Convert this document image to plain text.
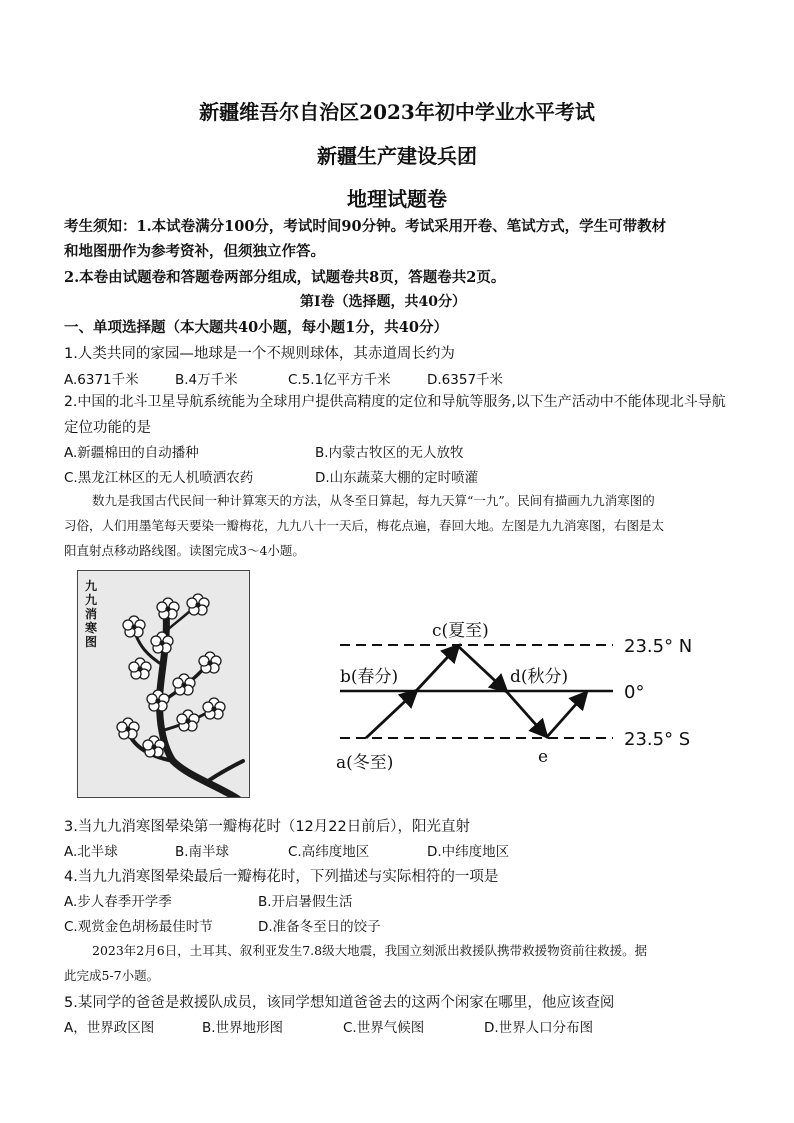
新疆维吾尔自治区2023年初中学业水平考试
新疆生产建设兵团
地理试题卷
考生须知：1.本试卷满分100分，考试时间90分钟。考试采用开卷、笔试方式，学生可带教材
和地图册作为参考资补，但须独立作答。
2.本卷由试题卷和答题卷两部分组成，试题卷共8页，答题卷共2页。
第Ⅰ卷（选择题，共40分）
一、单项选择题（本大题共40小题，每小题1分，共40分）
1.人类共同的家园—地球是一个不规则球体，其赤道周长约为
A.6371千米	B.4万千米	C.5.1亿平方千米	D.6357千米
2.中国的北斗卫星导航系统能为全球用户提供高精度的定位和导航等服务,以下生产活动中不能体现北斗导航
定位功能的是
A.新疆棉田的自动播种	B.内蒙古牧区的无人放牧
C.黑龙江林区的无人机喷洒农药	D.山东蔬菜大棚的定时喷灌
数九是我国古代民间一种计算寒天的方法，从冬至日算起，每九天算“一九”。民间有描画九九消寒图的
习俗，人们用墨笔每天要染一瓣梅花，九九八十一天后，梅花点遍，春回大地。左图是九九消寒图，右图是太
阳直射点移动路线图。读图完成3～4小题。
九九消寒图
c(夏至)
b(春分)	d(秋分)
a(冬至)	e
23.5° N
0°
23.5° S
3.当九九消寒图晕染第一瓣梅花时（12月22日前后），阳光直射
A.北半球	B.南半球	C.高纬度地区	D.中纬度地区
4.当九九消寒图晕染最后一瓣梅花时，下列描述与实际相符的一项是
A.步人春季开学季	B.开启暑假生活
C.观赏金色胡杨最佳时节	D.准备冬至日的饺子
2023年2月6日，土耳其、叙利亚发生7.8级大地震，我国立刻派出救援队携带救援物资前往救援。据
此完成5-7小题。
5.某同学的爸爸是救援队成员，该同学想知道爸爸去的这两个闲家在哪里，他应该查阅
A，世界政区图	B.世界地形图	C.世界气候图	D.世界人口分布图
